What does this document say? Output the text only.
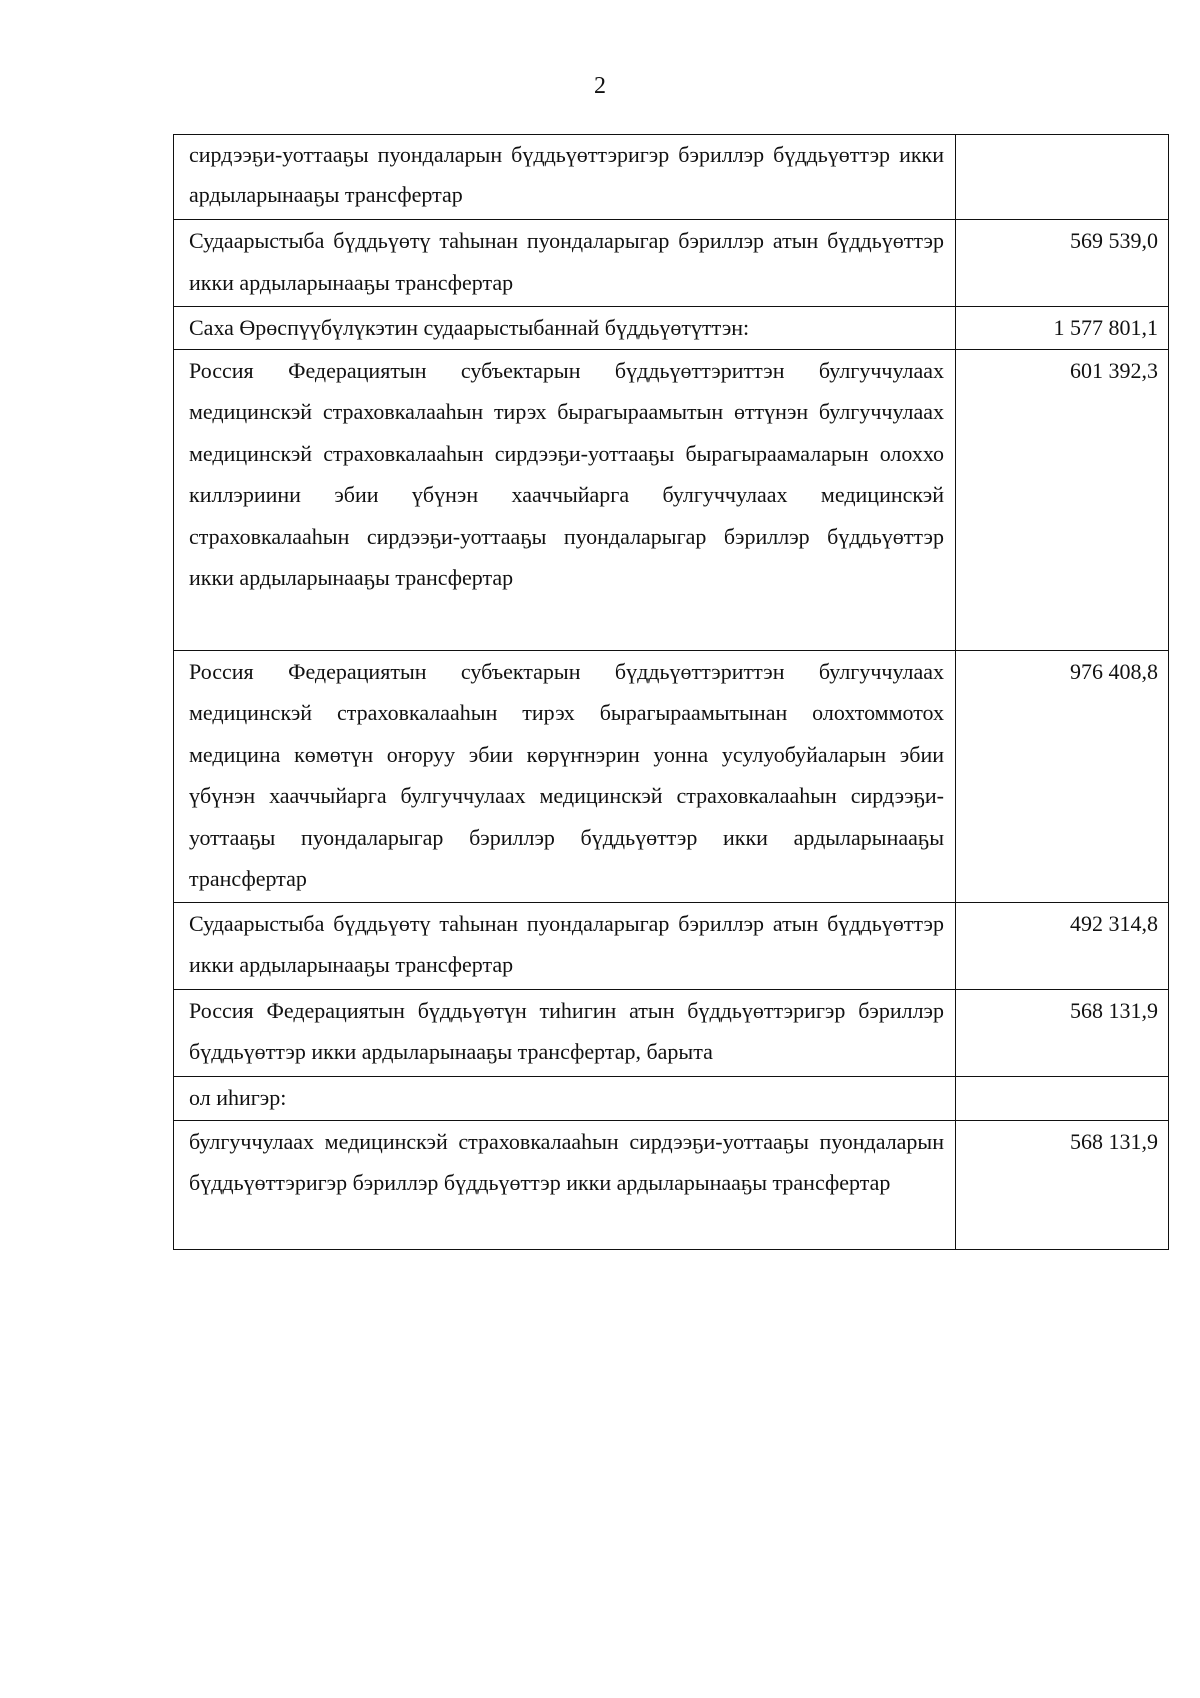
2
сирдээҕи-уоттааҕы пуондаларын бүддьүөттэригэр бэриллэр бүддьүөттэр икки ардыларынааҕы трансфертар	
Судаарыстыба бүддьүөтү таһынан пуондаларыгар бэриллэр атын бүддьүөттэр икки ардыларынааҕы трансфертар	569 539,0
Саха Өрөспүүбүлүкэтин судаарыстыбаннай бүддьүөтүттэн:	1 577 801,1
Россия Федерациятын субъектарын бүддьүөттэриттэн булгуччулаах медицинскэй страховкалааһын тирэх бырагыраамытын өттүнэн булгуччулаах медицинскэй страховкалааһын сирдээҕи-уоттааҕы бырагыраамаларын олоххо киллэриини эбии үбүнэн хааччыйарга булгуччулаах медицинскэй страховкалааһын сирдээҕи-уоттааҕы пуондаларыгар бэриллэр бүддьүөттэр икки ардыларынааҕы трансфертар	601 392,3
Россия Федерациятын субъектарын бүддьүөттэриттэн булгуччулаах медицинскэй страховкалааһын тирэх бырагыраамытынан олохтоммотох медицина көмөтүн оҥоруу эбии көрүҥнэрин уонна усулуобуйаларын эбии үбүнэн хааччыйарга булгуччулаах медицинскэй страховкалааһын сирдээҕи-уоттааҕы пуондаларыгар бэриллэр бүддьүөттэр икки ардыларынааҕы трансфертар	976 408,8
Судаарыстыба бүддьүөтү таһынан пуондаларыгар бэриллэр атын бүддьүөттэр икки ардыларынааҕы трансфертар	492 314,8
Россия Федерациятын бүддьүөтүн тиһигин атын бүддьүөттэригэр бэриллэр бүддьүөттэр икки ардыларынааҕы трансфертар, барыта	568 131,9
ол иһигэр:	
булгуччулаах медицинскэй страховкалааһын сирдээҕи-уоттааҕы пуондаларын бүддьүөттэригэр бэриллэр бүддьүөттэр икки ардыларынааҕы трансфертар	568 131,9
